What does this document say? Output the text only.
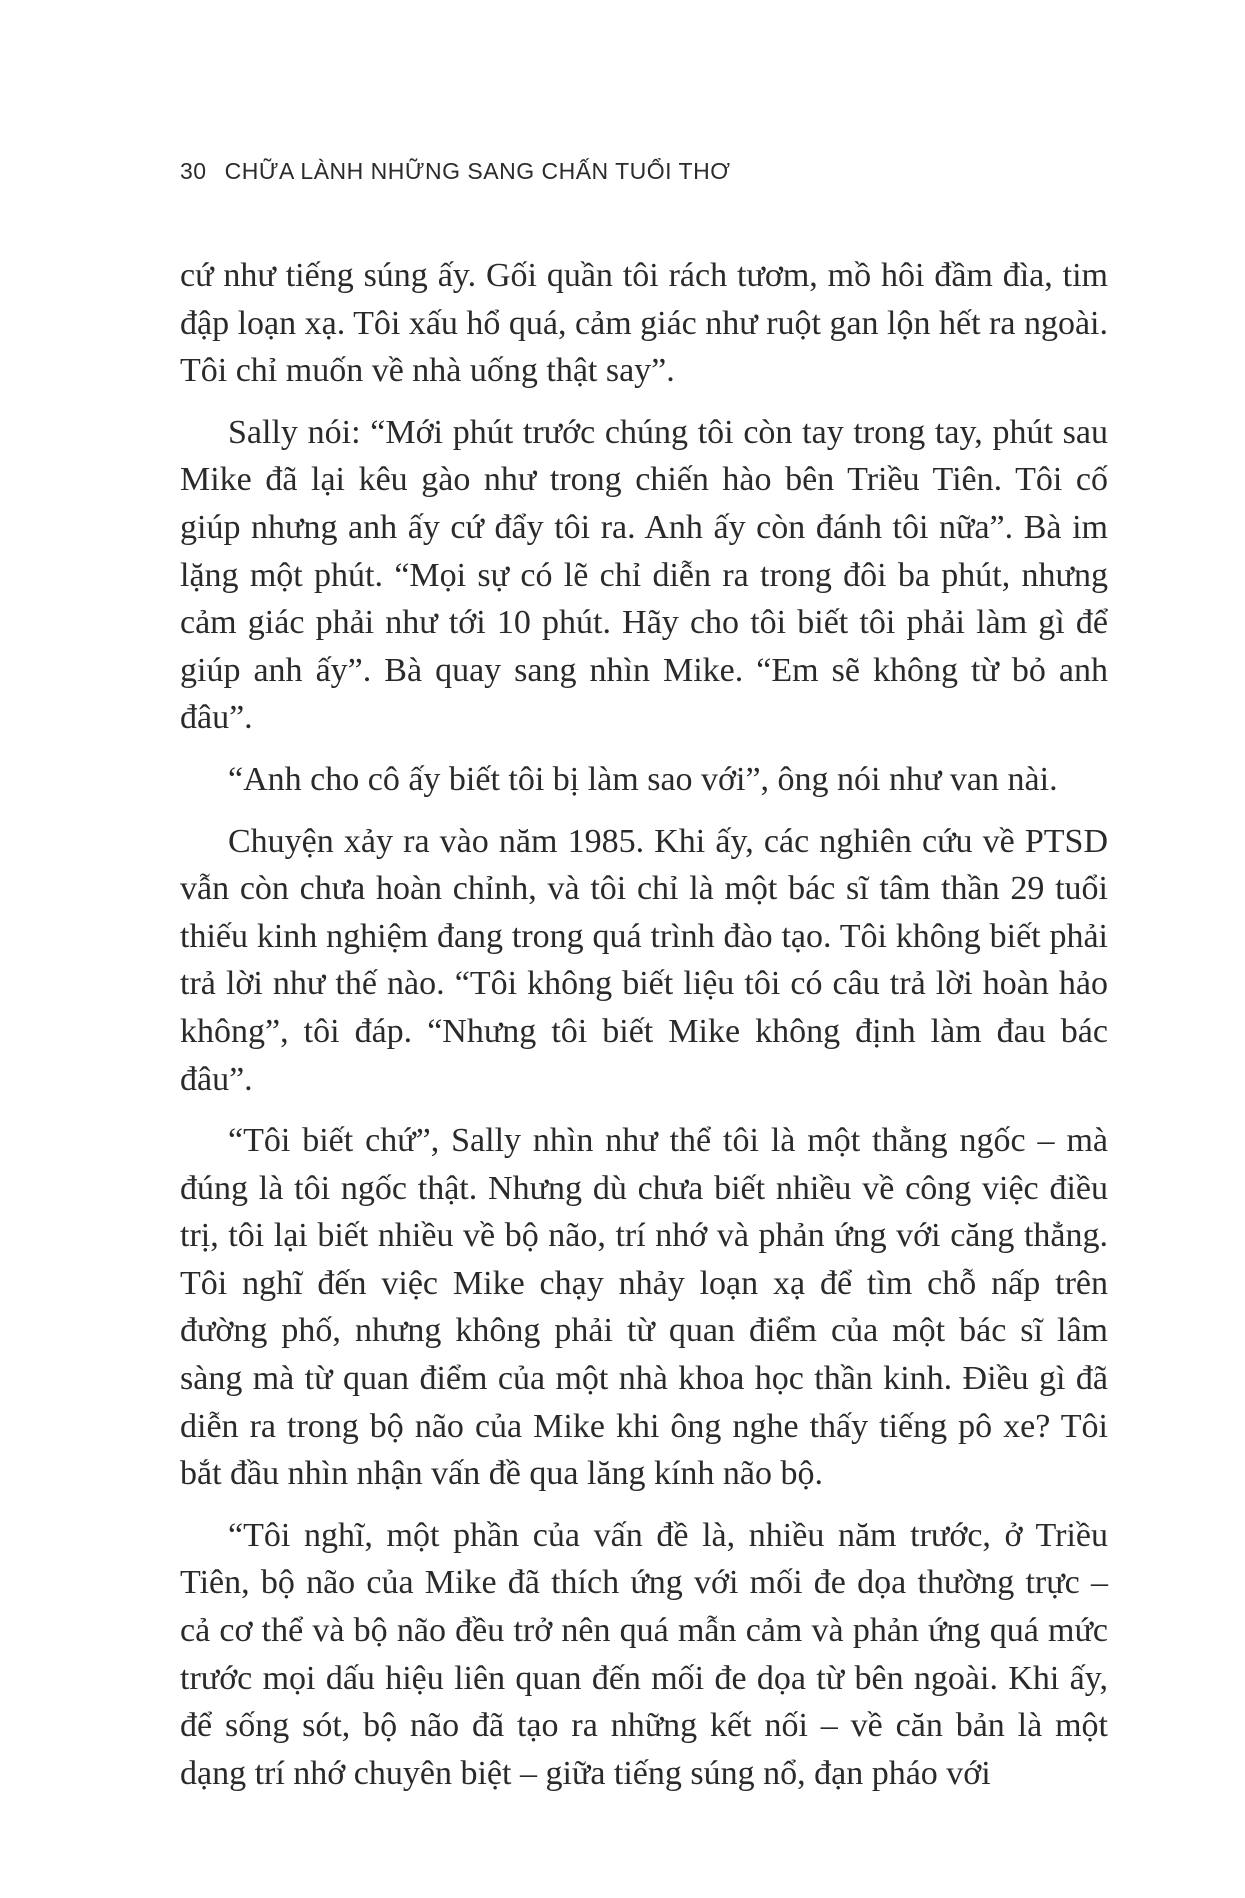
30 CHỮA LÀNH NHỮNG SANG CHẤN TUỔI THƠ

cứ như tiếng súng ấy. Gối quần tôi rách tươm, mồ hôi đầm đìa, tim đập loạn xạ. Tôi xấu hổ quá, cảm giác như ruột gan lộn hết ra ngoài. Tôi chỉ muốn về nhà uống thật say”.

Sally nói: “Mới phút trước chúng tôi còn tay trong tay, phút sau Mike đã lại kêu gào như trong chiến hào bên Triều Tiên. Tôi cố giúp nhưng anh ấy cứ đẩy tôi ra. Anh ấy còn đánh tôi nữa”. Bà im lặng một phút. “Mọi sự có lẽ chỉ diễn ra trong đôi ba phút, nhưng cảm giác phải như tới 10 phút. Hãy cho tôi biết tôi phải làm gì để giúp anh ấy”. Bà quay sang nhìn Mike. “Em sẽ không từ bỏ anh đâu”.

“Anh cho cô ấy biết tôi bị làm sao với”, ông nói như van nài.

Chuyện xảy ra vào năm 1985. Khi ấy, các nghiên cứu về PTSD vẫn còn chưa hoàn chỉnh, và tôi chỉ là một bác sĩ tâm thần 29 tuổi thiếu kinh nghiệm đang trong quá trình đào tạo. Tôi không biết phải trả lời như thế nào. “Tôi không biết liệu tôi có câu trả lời hoàn hảo không”, tôi đáp. “Nhưng tôi biết Mike không định làm đau bác đâu”.

“Tôi biết chứ”, Sally nhìn như thể tôi là một thằng ngốc – mà đúng là tôi ngốc thật. Nhưng dù chưa biết nhiều về công việc điều trị, tôi lại biết nhiều về bộ não, trí nhớ và phản ứng với căng thẳng. Tôi nghĩ đến việc Mike chạy nhảy loạn xạ để tìm chỗ nấp trên đường phố, nhưng không phải từ quan điểm của một bác sĩ lâm sàng mà từ quan điểm của một nhà khoa học thần kinh. Điều gì đã diễn ra trong bộ não của Mike khi ông nghe thấy tiếng pô xe? Tôi bắt đầu nhìn nhận vấn đề qua lăng kính não bộ.

“Tôi nghĩ, một phần của vấn đề là, nhiều năm trước, ở Triều Tiên, bộ não của Mike đã thích ứng với mối đe dọa thường trực – cả cơ thể và bộ não đều trở nên quá mẫn cảm và phản ứng quá mức trước mọi dấu hiệu liên quan đến mối đe dọa từ bên ngoài. Khi ấy, để sống sót, bộ não đã tạo ra những kết nối – về căn bản là một dạng trí nhớ chuyên biệt – giữa tiếng súng nổ, đạn pháo với
